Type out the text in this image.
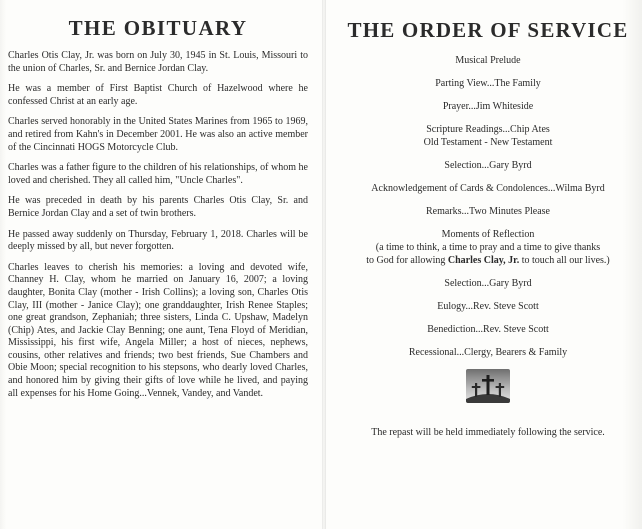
THE OBITUARY

Charles Otis Clay, Jr. was born on July 30, 1945 in St. Louis, Missouri to the union of Charles, Sr. and Bernice Jordan Clay.

He was a member of First Baptist Church of Hazelwood where he confessed Christ at an early age.

Charles served honorably in the United States Marines from 1965 to 1969, and retired from Kahn's in December 2001. He was also an active member of the Cincinnati HOGS Motorcycle Club.

Charles was a father figure to the children of his relationships, of whom he loved and cherished. They all called him, "Uncle Charles".

He was preceded in death by his parents Charles Otis Clay, Sr. and Bernice Jordan Clay and a set of twin brothers.

He passed away suddenly on Thursday, February 1, 2018. Charles will be deeply missed by all, but never forgotten.

Charles leaves to cherish his memories: a loving and devoted wife, Channey H. Clay, whom he married on January 16, 2007; a loving daughter, Bonita Clay (mother - Irish Collins); a loving son, Charles Otis Clay, III (mother - Janice Clay); one granddaughter, Irish Renee Staples; one great grandson, Zephaniah; three sisters, Linda C. Upshaw, Madelyn (Chip) Ates, and Jackie Clay Benning; one aunt, Tena Floyd of Meridian, Mississippi, his first wife, Angela Miller; a host of nieces, nephews, cousins, other relatives and friends; two best friends, Sue Chambers and Obie Moon; special recognition to his stepsons, who dearly loved Charles, and honored him by giving their gifts of love while he lived, and paying all expenses for his Home Going...Vennek, Vandey, and Vandet.

THE ORDER OF SERVICE
Musical Prelude
Parting View...The Family
Prayer...Jim Whiteside
Scripture Readings...Chip Ates
Old Testament - New Testament
Selection...Gary Byrd
Acknowledgement of Cards & Condolences...Wilma Byrd
Remarks...Two Minutes Please
Moments of Reflection
(a time to think, a time to pray and a time to give thanks
to God for allowing Charles Clay, Jr. to touch all our lives.)
Selection...Gary Byrd
Eulogy...Rev. Steve Scott
Benediction...Rev. Steve Scott
Recessional...Clergy, Bearers & Family

The repast will be held immediately following the service.
